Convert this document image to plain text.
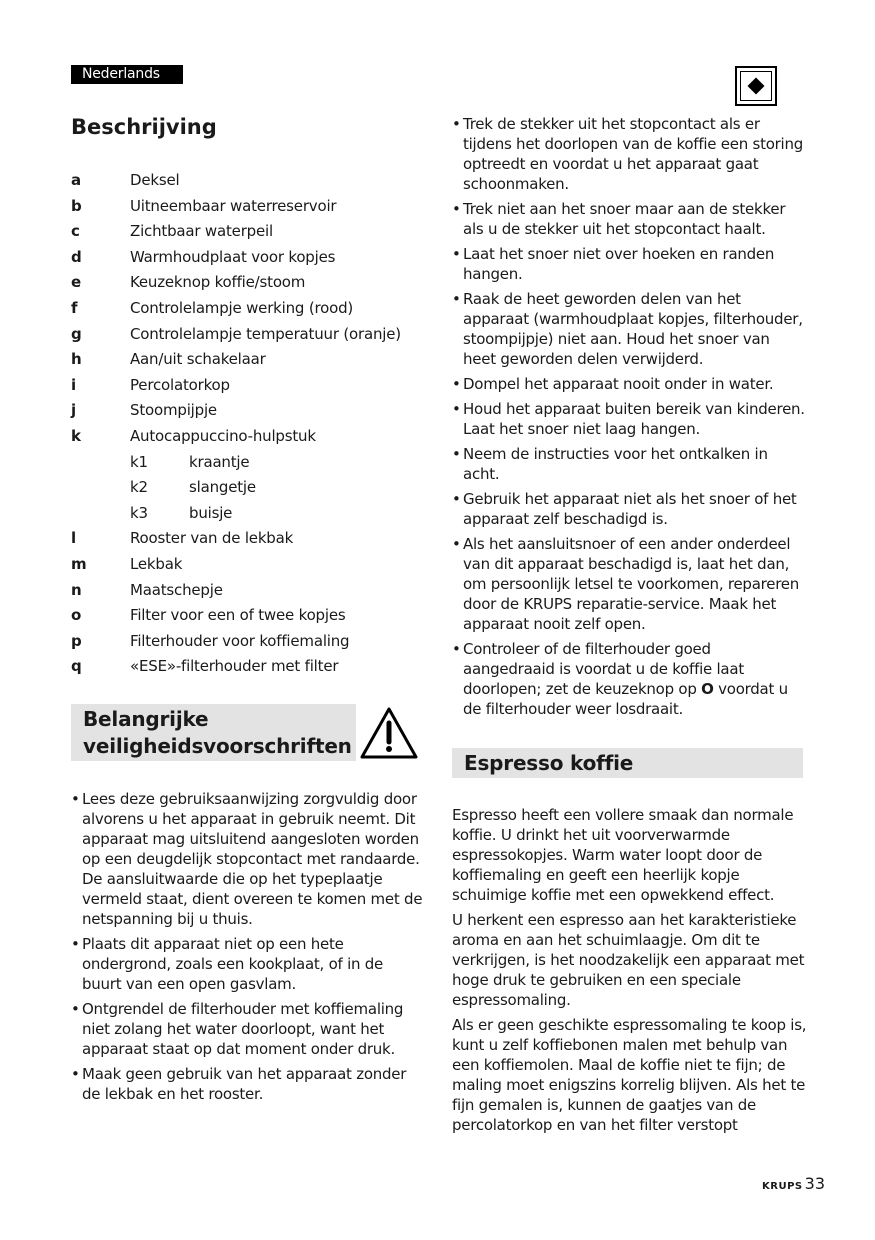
Nederlands
Beschrijving
a	Deksel
b	Uitneembaar waterreservoir
c	Zichtbaar waterpeil
d	Warmhoudplaat voor kopjes
e	Keuzeknop koffie/stoom
f	Controlelampje werking (rood)
g	Controlelampje temperatuur (oranje)
h	Aan/uit schakelaar
i	Percolatorkop
j	Stoompijpje
k	Autocappuccino-hulpstuk
k1	kraantje
k2	slangetje
k3	buisje
l	Rooster van de lekbak
m	Lekbak
n	Maatschepje
o	Filter voor een of twee kopjes
p	Filterhouder voor koffiemaling
q	«ESE»-filterhouder met filter
Belangrijke
veiligheidsvoorschriften
• Lees deze gebruiksaanwijzing zorgvuldig door alvorens u het apparaat in gebruik neemt. Dit apparaat mag uitsluitend aangesloten worden op een deugdelijk stopcontact met randaarde. De aansluitwaarde die op het typeplaatje vermeld staat, dient overeen te komen met de netspanning bij u thuis.
• Plaats dit apparaat niet op een hete ondergrond, zoals een kookplaat, of in de buurt van een open gasvlam.
• Ontgrendel de filterhouder met koffiemaling niet zolang het water doorloopt, want het apparaat staat op dat moment onder druk.
• Maak geen gebruik van het apparaat zonder de lekbak en het rooster.
• Trek de stekker uit het stopcontact als er tijdens het doorlopen van de koffie een storing optreedt en voordat u het apparaat gaat schoonmaken.
• Trek niet aan het snoer maar aan de stekker als u de stekker uit het stopcontact haalt.
• Laat het snoer niet over hoeken en randen hangen.
• Raak de heet geworden delen van het apparaat (warmhoudplaat kopjes, filterhouder, stoompijpje) niet aan. Houd het snoer van heet geworden delen verwijderd.
• Dompel het apparaat nooit onder in water.
• Houd het apparaat buiten bereik van kinderen. Laat het snoer niet laag hangen.
• Neem de instructies voor het ontkalken in acht.
• Gebruik het apparaat niet als het snoer of het apparaat zelf beschadigd is.
• Als het aansluitsnoer of een ander onderdeel van dit apparaat beschadigd is, laat het dan, om persoonlijk letsel te voorkomen, repareren door de KRUPS reparatie-service. Maak het apparaat nooit zelf open.
• Controleer of de filterhouder goed aangedraaid is voordat u de koffie laat doorlopen; zet de keuzeknop op O voordat u de filterhouder weer losdraait.
Espresso koffie

Espresso heeft een vollere smaak dan normale koffie. U drinkt het uit voorverwarmde espressokopjes. Warm water loopt door de koffiemaling en geeft een heerlijk kopje schuimige koffie met een opwekkend effect.

U herkent een espresso aan het karakteristieke aroma en aan het schuimlaagje. Om dit te verkrijgen, is het noodzakelijk een apparaat met hoge druk te gebruiken en een speciale espressomaling.

Als er geen geschikte espressomaling te koop is, kunt u zelf koffiebonen malen met behulp van een koffiemolen. Maal de koffie niet te fijn; de maling moet enigszins korrelig blijven. Als het te fijn gemalen is, kunnen de gaatjes van de percolatorkop en van het filter verstopt

KRUPS 33
